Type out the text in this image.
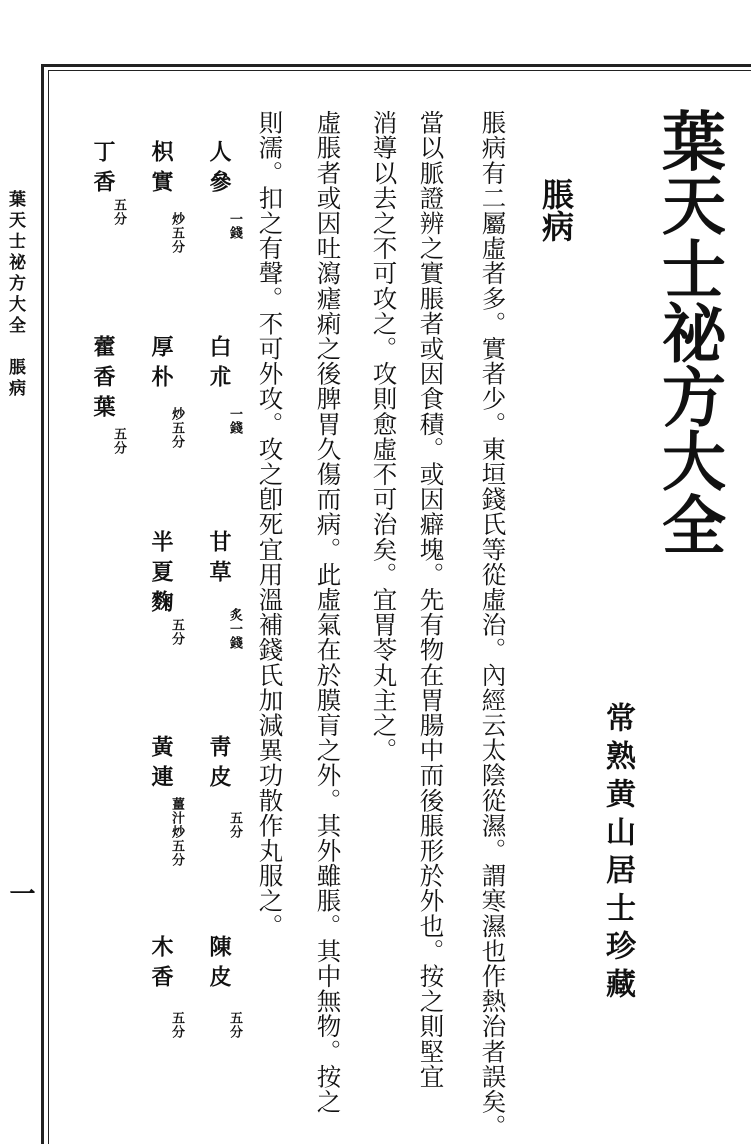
葉天士祕方大全
常熟黄山居士珍藏
脹病
脹病有二屬虛者多。實者少。東垣錢氏等從虛治。內經云太陰從濕。謂寒濕也作熱治者誤矣。
當以脈證辨之實脹者或因食積。或因癖塊。先有物在胃腸中而後脹形於外也。按之則堅宜
消導以去之不可攻之。攻則愈虛不可治矣。宜胃苓丸主之。
虛脹者或因吐瀉瘧痢之後脾胃久傷而病。此虛氣在於膜肓之外。其外雖脹。其中無物。按之
則濡。扣之有聲。不可外攻。攻之卽死宜用溫補錢氏加減異功散作丸服之。
人參
一錢
白朮
一錢
甘草
炙一錢
靑皮
五分
陳皮
五分
枳實
炒五分
厚朴
炒五分
半夏麴
五分
黃連
薑汁炒五分
木香
五分
丁香
五分
藿香葉
五分
葉天士祕方大全　脹病
一
